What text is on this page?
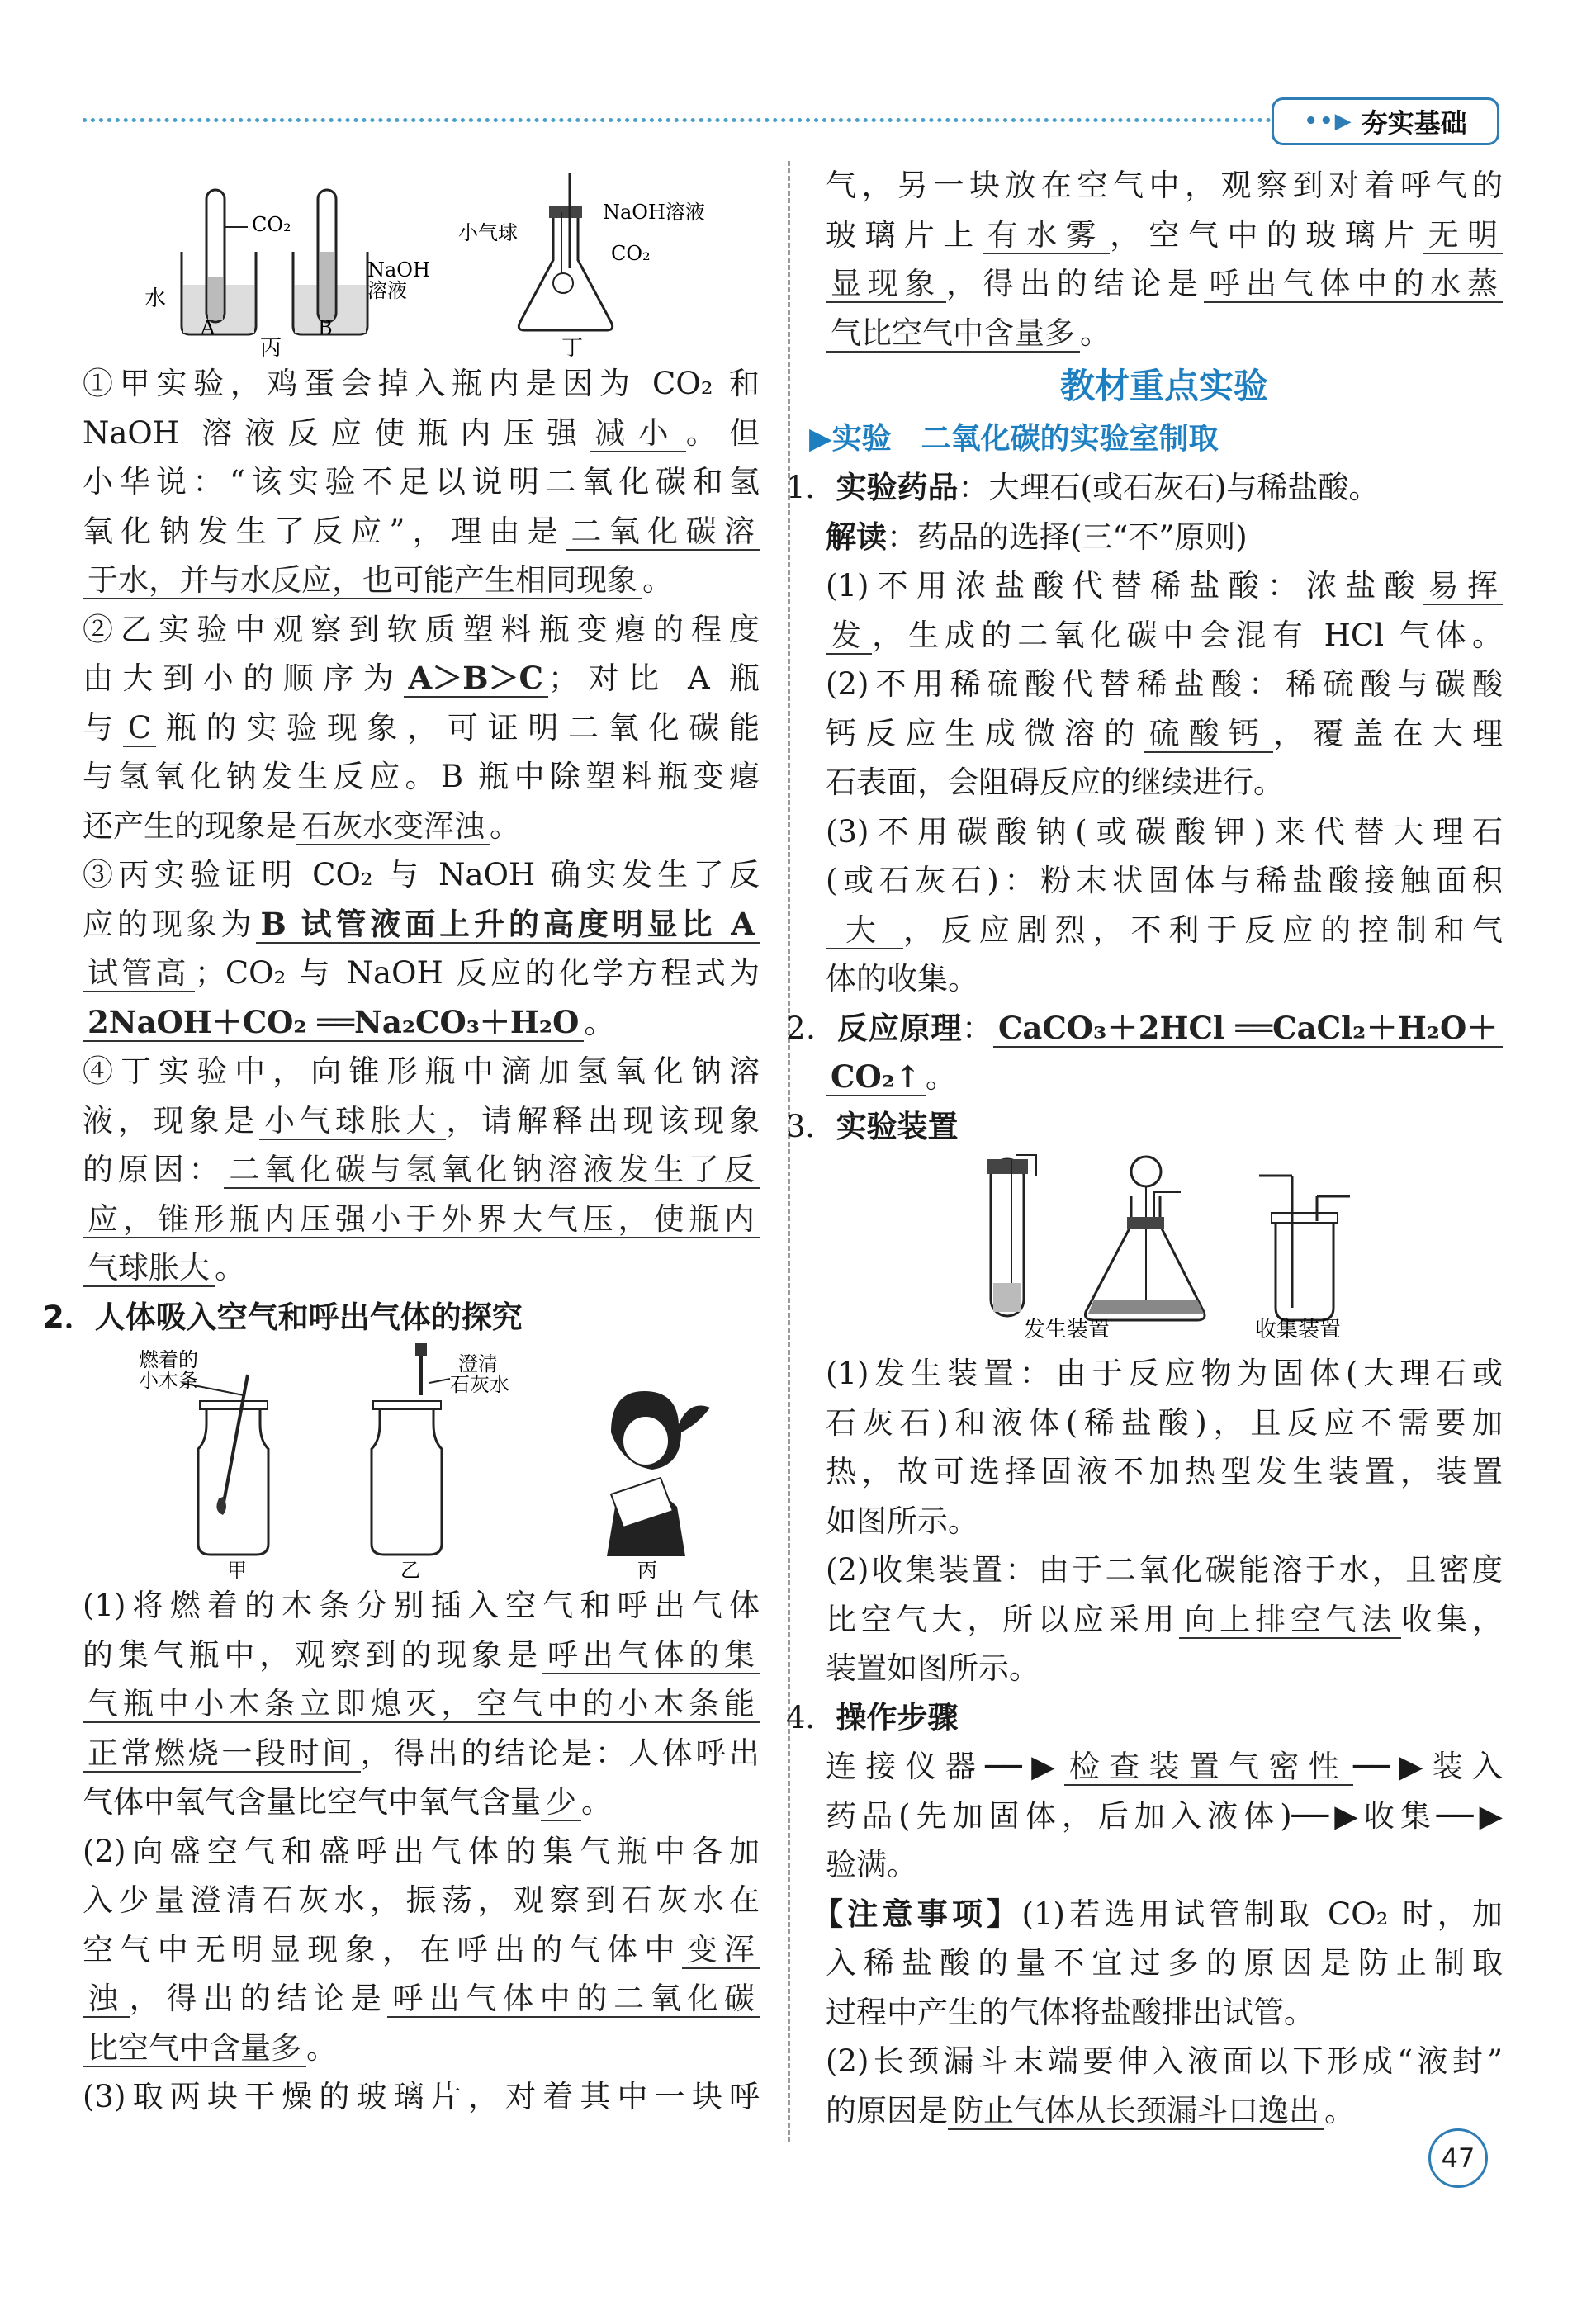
••▶ 夯实基础
CO₂
水
NaOH
溶液
A	B
丙
小气球
NaOH溶液
CO₂
丁
①甲实验，鸡蛋会掉入瓶内是因为 CO₂ 和
NaOH 溶液反应使瓶内压强 减小 。但
小华说：“该实验不足以说明二氧化碳和氢
氧化钠发生了反应”，理由是 二氧化碳溶
于水，并与水反应，也可能产生相同现象 。
②乙实验中观察到软质塑料瓶变瘪的程度
由大到小的顺序为 A＞B＞C ；对比 A 瓶
与 C 瓶的实验现象，可证明二氧化碳能
与氢氧化钠发生反应。B 瓶中除塑料瓶变瘪
还产生的现象是 石灰水变浑浊 。
③丙实验证明 CO₂ 与 NaOH 确实发生了反
应的现象为 B 试管液面上升的高度明显比 A
试管高 ；CO₂ 与 NaOH 反应的化学方程式为
2NaOH＋CO₂ ══Na₂CO₃＋H₂O 。
④丁实验中，向锥形瓶中滴加氢氧化钠溶
液，现象是 小气球胀大 ，请解释出现该现象
的原因： 二氧化碳与氢氧化钠溶液发生了反
应，锥形瓶内压强小于外界大气压，使瓶内
气球胀大 。
2．人体吸入空气和呼出气体的探究
燃着的
小木条
甲
澄清
石灰水
乙	丙
(1)将燃着的木条分别插入空气和呼出气体
的集气瓶中，观察到的现象是 呼出气体的集
气瓶中小木条立即熄灭，空气中的小木条能
正常燃烧一段时间 ，得出的结论是：人体呼出
气体中氧气含量比空气中氧气含量 少 。
(2)向盛空气和盛呼出气体的集气瓶中各加
入少量澄清石灰水，振荡，观察到石灰水在
空气中无明显现象，在呼出的气体中 变浑
浊 ，得出的结论是 呼出气体中的二氧化碳
比空气中含量多 。
(3)取两块干燥的玻璃片，对着其中一块呼
气，另一块放在空气中，观察到对着呼气的
玻璃片上 有水雾 ，空气中的玻璃片 无明
显现象 ，得出的结论是 呼出气体中的水蒸
气比空气中含量多 。
教材重点实验
▶实验　二氧化碳的实验室制取
1．实验药品：大理石(或石灰石)与稀盐酸。
解读：药品的选择(三“不”原则)
(1)不用浓盐酸代替稀盐酸：浓盐酸 易挥
发 ，生成的二氧化碳中会混有 HCl 气体。
(2)不用稀硫酸代替稀盐酸：稀硫酸与碳酸
钙反应生成微溶的 硫酸钙 ，覆盖在大理
石表面，会阻碍反应的继续进行。
(3)不用碳酸钠(或碳酸钾)来代替大理石
(或石灰石)：粉末状固体与稀盐酸接触面积
大 ，反应剧烈，不利于反应的控制和气
体的收集。
2．反应原理： CaCO₃＋2HCl ══CaCl₂＋H₂O＋
CO₂↑ 。
3．实验装置
发生装置	收集装置
(1)发生装置：由于反应物为固体(大理石或
石灰石)和液体(稀盐酸)，且反应不需要加
热，故可选择固液不加热型发生装置，装置
如图所示。
(2)收集装置：由于二氧化碳能溶于水，且密度
比空气大，所以应采用 向上排空气法 收集，
装置如图所示。
4．操作步骤
连接仪器──▶ 检查装置气密性 ──▶装入
药品(先加固体，后加入液体)──▶收集──▶
验满。
【注意事项】(1)若选用试管制取 CO₂ 时，加
入稀盐酸的量不宜过多的原因是防止制取
过程中产生的气体将盐酸排出试管。
(2)长颈漏斗末端要伸入液面以下形成“液封”
的原因是 防止气体从长颈漏斗口逸出 。
47
